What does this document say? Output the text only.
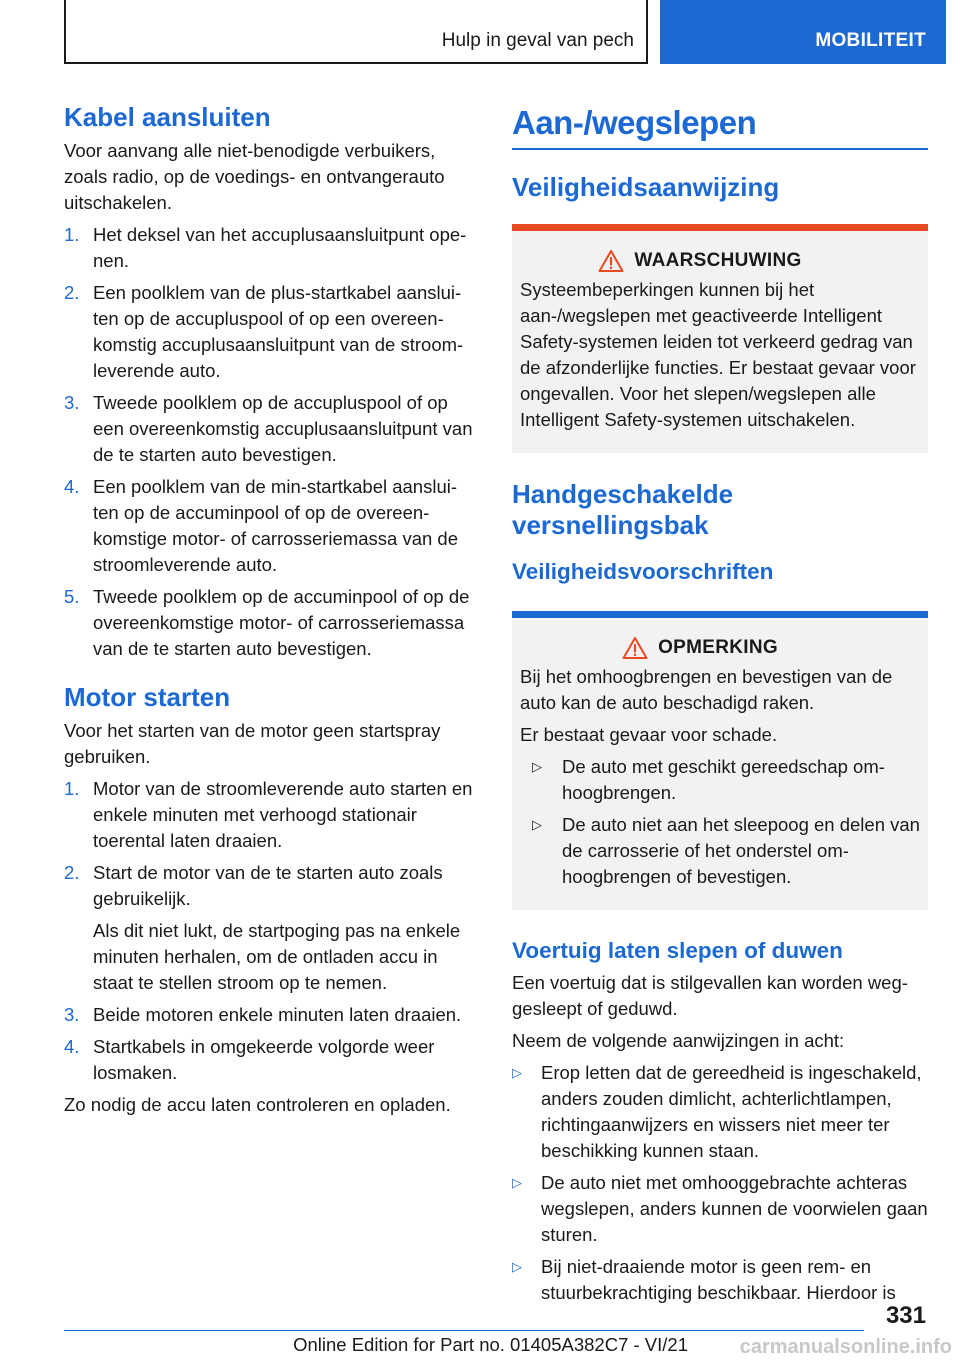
Hulp in geval van pech	MOBILITEIT
Kabel aansluiten

Voor aanvang alle niet-benodigde verbuikers, zoals radio, op de voedings- en ontvangerauto uitschakelen.

1. Het deksel van het accuplusaansluitpunt openen.
2. Een poolklem van de plus-startkabel aansluiten op de accupluspool of op een overeenkomstig accuplusaansluitpunt van de stroomleverende auto.
3. Tweede poolklem op de accupluspool of op een overeenkomstig accuplusaansluitpunt van de te starten auto bevestigen.
4. Een poolklem van de min-startkabel aansluiten op de accuminpool of op de overeenkomstige motor- of carrosseriemassa van de stroomleverende auto.
5. Tweede poolklem op de accuminpool of op de overeenkomstige motor- of carrosseriemassa van de te starten auto bevestigen.
Motor starten

Voor het starten van de motor geen startspray gebruiken.

1. Motor van de stroomleverende auto starten en enkele minuten met verhoogd stationair toerental laten draaien.
2. Start de motor van de te starten auto zoals gebruikelijk.
Als dit niet lukt, de startpoging pas na enkele minuten herhalen, om de ontladen accu in staat te stellen stroom op te nemen.
3. Beide motoren enkele minuten laten draaien.
4. Startkabels in omgekeerde volgorde weer losmaken.

Zo nodig de accu laten controleren en opladen.

Aan-/wegslepen
Veiligheidsaanwijzing
WAARSCHUWING

Systeembeperkingen kunnen bij het aan-/wegslepen met geactiveerde Intelligent Safety-systemen leiden tot verkeerd gedrag van de afzonderlijke functies. Er bestaat gevaar voor ongevallen. Voor het slepen/wegslepen alle Intelligent Safety-systemen uitschakelen.

Handgeschakelde versnellingsbak
Veiligheidsvoorschriften
OPMERKING

Bij het omhoogbrengen en bevestigen van de auto kan de auto beschadigd raken.

Er bestaat gevaar voor schade.

▷ De auto met geschikt gereedschap omhoogbrengen.
▷ De auto niet aan het sleepoog en delen van de carrosserie of het onderstel omhoogbrengen of bevestigen.
Voertuig laten slepen of duwen

Een voertuig dat is stilgevallen kan worden weggesleept of geduwd.

Neem de volgende aanwijzingen in acht:

▷ Erop letten dat de gereedheid is ingeschakeld, anders zouden dimlicht, achterlichtlampen, richtingaanwijzers en wissers niet meer ter beschikking kunnen staan.
▷ De auto niet met omhooggebrachte achteras wegslepen, anders kunnen de voorwielen gaan sturen.
▷ Bij niet-draaiende motor is geen rem- en stuurbekrachtiging beschikbaar. Hierdoor is
331
Online Edition for Part no. 01405A382C7 - VI/21	carmanualsonline.info
